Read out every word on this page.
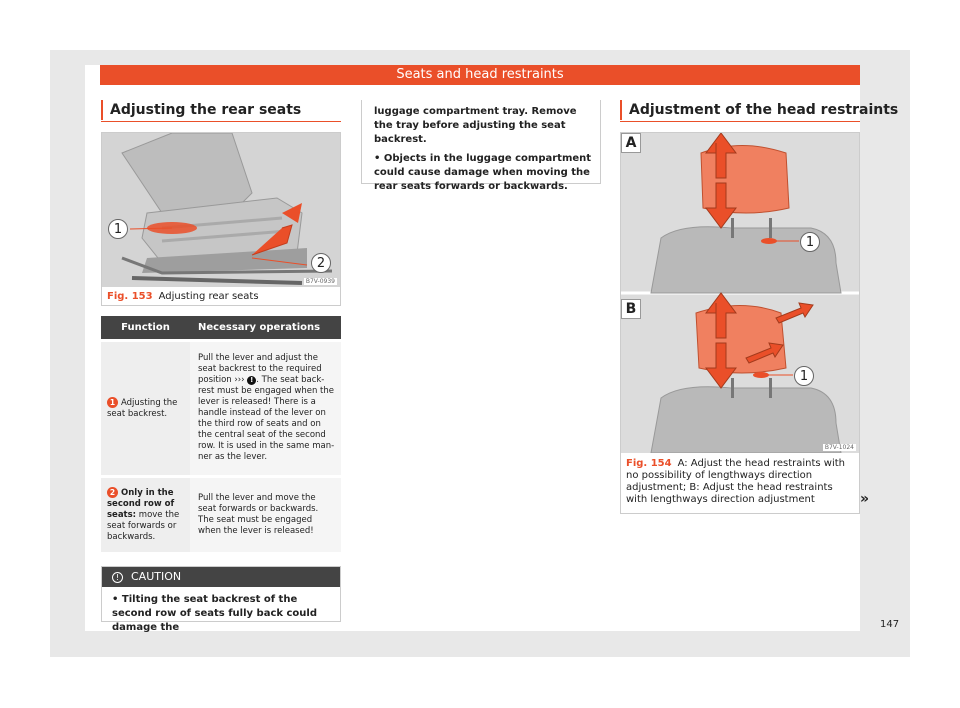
Seats and head restraints
Adjusting the rear seats
1
2
B7V-0939
Fig. 153 Adjusting rear seats
Function	Necessary operations
1 Adjusting the seat backrest.	Pull the lever and adjust the seat backrest to the required position ››› ! . The seat back-rest must be engaged when the lever is released! There is a handle instead of the lever on the third row of seats and on the central seat of the second row. It is used in the same man-ner as the lever.
2 Only in the second row of seats: move the seat forwards or backwards.	Pull the lever and move the seat forwards or backwards. The seat must be engaged when the lever is released!
! CAUTION
• Tilting the seat backrest of the second row of seats fully back could damage the
luggage compartment tray. Remove the tray before adjusting the seat backrest.
• Objects in the luggage compartment could cause damage when moving the rear seats forwards or backwards.
Adjustment of the head restraints
A
B
1
1
B7V-1024
Fig. 154 A: Adjust the head restraints with no possibility of lengthways direction adjustment; B: Adjust the head restraints with lengthways direction adjustment	»
147
